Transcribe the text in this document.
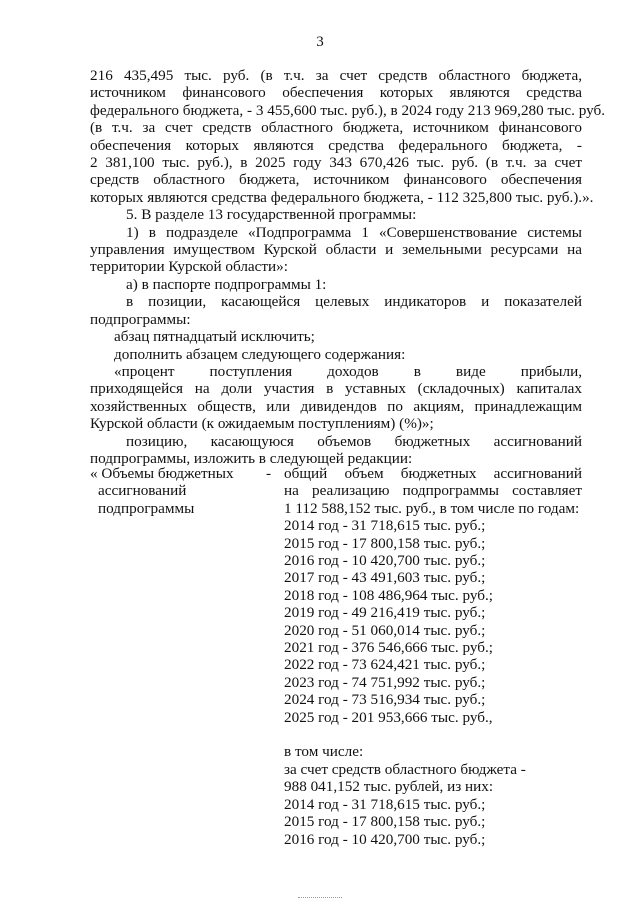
3
216 435,495 тыс. руб. (в т.ч. за счет средств областного бюджета,
источником финансового обеспечения которых являются средства
федерального бюджета, - 3 455,600 тыс. руб.), в 2024 году 213 969,280 тыс. руб.
(в т.ч. за счет средств областного бюджета, источником финансового
обеспечения которых являются средства федерального бюджета, -
2 381,100 тыс. руб.), в 2025 году 343 670,426 тыс. руб. (в т.ч. за счет
средств областного бюджета, источником финансового обеспечения
которых являются средства федерального бюджета, - 112 325,800 тыс. руб.).».
5. В разделе 13 государственной программы:
1) в подразделе «Подпрограмма 1 «Совершенствование системы
управления имуществом Курской области и земельными ресурсами на
территории Курской области»:
а) в паспорте подпрограммы 1:
в позиции, касающейся целевых индикаторов и показателей
подпрограммы:
абзац пятнадцатый исключить;
дополнить абзацем следующего содержания:
«процент поступления доходов в виде прибыли,
приходящейся на доли участия в уставных (складочных) капиталах
хозяйственных обществ, или дивидендов по акциям, принадлежащим
Курской области (к ожидаемым поступлениям) (%)»;
позицию, касающуюся объемов бюджетных ассигнований
подпрограммы, изложить в следующей редакции:
« Объемы бюджетных
ассигнований
подпрограммы
- общий объем бюджетных ассигнований
на реализацию подпрограммы составляет
1 112 588,152 тыс. руб., в том числе по годам:
2014 год - 31 718,615 тыс. руб.;
2015 год - 17 800,158 тыс. руб.;
2016 год - 10 420,700 тыс. руб.;
2017 год - 43 491,603 тыс. руб.;
2018 год - 108 486,964 тыс. руб.;
2019 год - 49 216,419 тыс. руб.;
2020 год - 51 060,014 тыс. руб.;
2021 год - 376 546,666 тыс. руб.;
2022 год - 73 624,421 тыс. руб.;
2023 год - 74 751,992 тыс. руб.;
2024 год - 73 516,934 тыс. руб.;
2025 год - 201 953,666 тыс. руб.,
в том числе:
за счет средств областного бюджета -
988 041,152 тыс. рублей, из них:
2014 год - 31 718,615 тыс. руб.;
2015 год - 17 800,158 тыс. руб.;
2016 год - 10 420,700 тыс. руб.;
